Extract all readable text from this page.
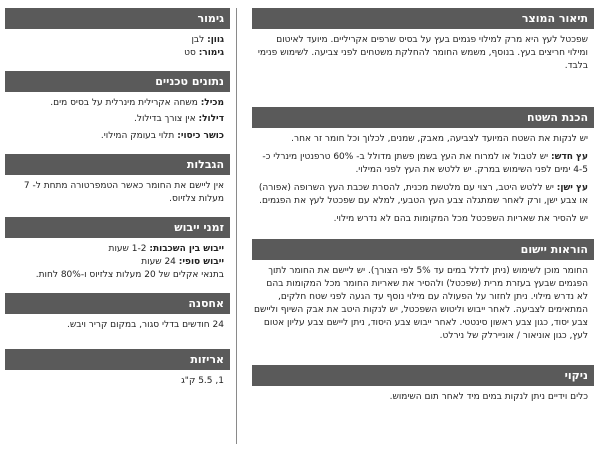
תיאור המוצר

שפכטל לעץ היא מרק למילוי פגמים בעץ על בסיס שרפים אקריליים. מיועד לאיטום ומילוי חריצים בעץ. בנוסף, משמש החומר להחלקת משטחים לפני צביעה. לשימוש פנימי בלבד.

הכנת השטח

יש לנקות את השטח המיועד לצביעה, מאבק, שמנים, לכלוך וכל חומר זר אחר.

עץ חדש: יש לטבול או למרוח את העץ בשמן פשתן מדולל ב- 60% טרפנטין מינרלי כ- 4-5 ימים לפני השימוש במרק. יש ללטש את העץ לפני המילוי.

עץ ישן: יש ללטש היטב, רצוי עם מלטשת מכנית, להסרת שכבת העץ השרופה (אפורה) או צבע ישן, ורק לאחר שמתגלה צבע העץ הטבעי, למלא עם שפכטל לעץ את הפגמים.

יש להסיר את שאריות השפכטל מכל המקומות בהם לא נדרש מילוי.

הוראות יישום

החומר מוכן לשימוש (ניתן לדלל במים עד 5% לפי הצורך). יש ליישם את החומר לתוך הפגמים שבעץ בעזרת מרית (שפכטל) ולהסיר את שאריות החומר מכל המקומות בהם לא נדרש מילוי. ניתן לחזור על הפעולה עם מילוי נוסף עד הגעה לפני שטח חלקים, המתאימים לצביעה. לאחר ייבוש וליטוש השפכטל, יש לנקות היטב את אבק השיוף וליישם צבע יסוד, כגון צבע ראשון סינטטי. לאחר ייבוש צבע היסוד, ניתן ליישם צבע עליון אטום לעץ, כגון אוניאור / אוניירלק של נירלט.

ניקוי

כלים וידיים ניתן לנקות במים מיד לאחר תום השימוש.

גימור
גוון: לבן
גימור: סט
נתונים טכניים
מכיל: משחה אקרילית מינרלית על בסיס מים.
דילול: אין צורך בדילול.
כושר כיסוי: תלוי בעומק המילוי.
הגבלות

אין ליישם את החומר כאשר הטמפרטורה מתחת ל- 7 מעלות צלזיוס.

זמני ייבוש
ייבוש בין השכבות: 1-2 שעות
ייבוש סופי: 24 שעות
בתנאי אקלים של 20 מעלות צלזיוס ו-80% לחות.
אחסנה

24 חודשים בדלי סגור, במקום קריר ויבש.

אריזות

1, 5.5 ק"ג
